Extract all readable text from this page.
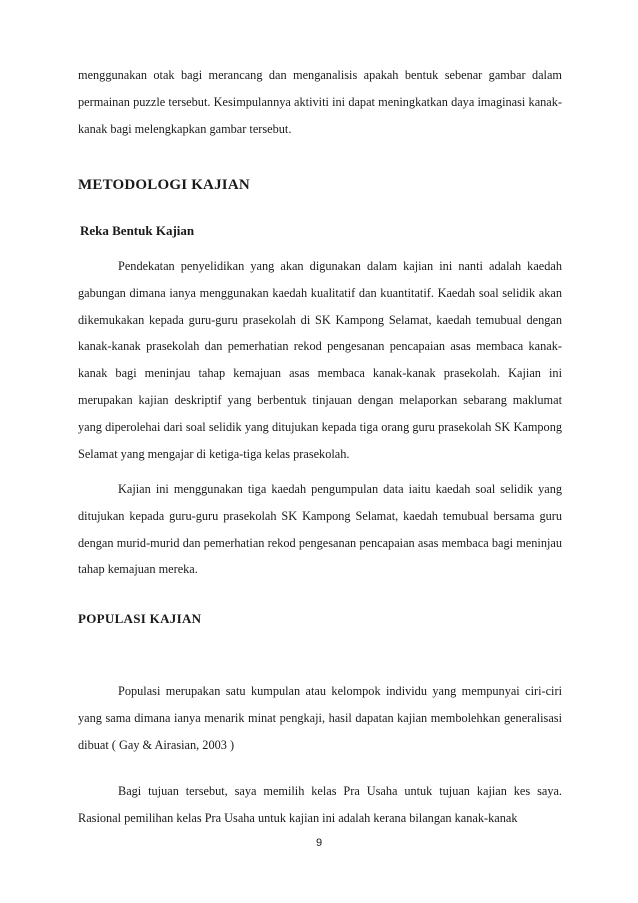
menggunakan otak bagi merancang dan menganalisis apakah bentuk sebenar gambar dalam permainan puzzle tersebut. Kesimpulannya aktiviti ini dapat meningkatkan daya imaginasi kanak-kanak bagi melengkapkan gambar tersebut.

METODOLOGI KAJIAN
Reka Bentuk Kajian

Pendekatan penyelidikan yang akan digunakan dalam kajian ini nanti adalah kaedah gabungan dimana ianya menggunakan kaedah kualitatif dan kuantitatif. Kaedah soal selidik akan dikemukakan kepada guru-guru prasekolah di SK Kampong Selamat, kaedah temubual dengan kanak-kanak prasekolah dan pemerhatian rekod pengesanan pencapaian asas membaca kanak-kanak bagi meninjau tahap kemajuan asas membaca kanak-kanak prasekolah. Kajian ini merupakan kajian deskriptif yang berbentuk tinjauan dengan melaporkan sebarang maklumat yang diperolehai dari soal selidik yang ditujukan kepada tiga orang guru prasekolah SK Kampong Selamat yang mengajar di ketiga-tiga kelas prasekolah.

Kajian ini menggunakan tiga kaedah pengumpulan data iaitu kaedah soal selidik yang ditujukan kepada guru-guru prasekolah SK Kampong Selamat, kaedah temubual bersama guru dengan murid-murid dan pemerhatian rekod pengesanan pencapaian asas membaca bagi meninjau tahap kemajuan mereka.

POPULASI KAJIAN

Populasi merupakan satu kumpulan atau kelompok individu yang mempunyai ciri-ciri yang sama dimana ianya menarik minat pengkaji, hasil dapatan kajian membolehkan generalisasi dibuat ( Gay & Airasian, 2003 )

Bagi tujuan tersebut, saya memilih kelas Pra Usaha untuk tujuan kajian kes saya. Rasional pemilihan kelas Pra Usaha untuk kajian ini adalah kerana bilangan kanak-kanak

9
